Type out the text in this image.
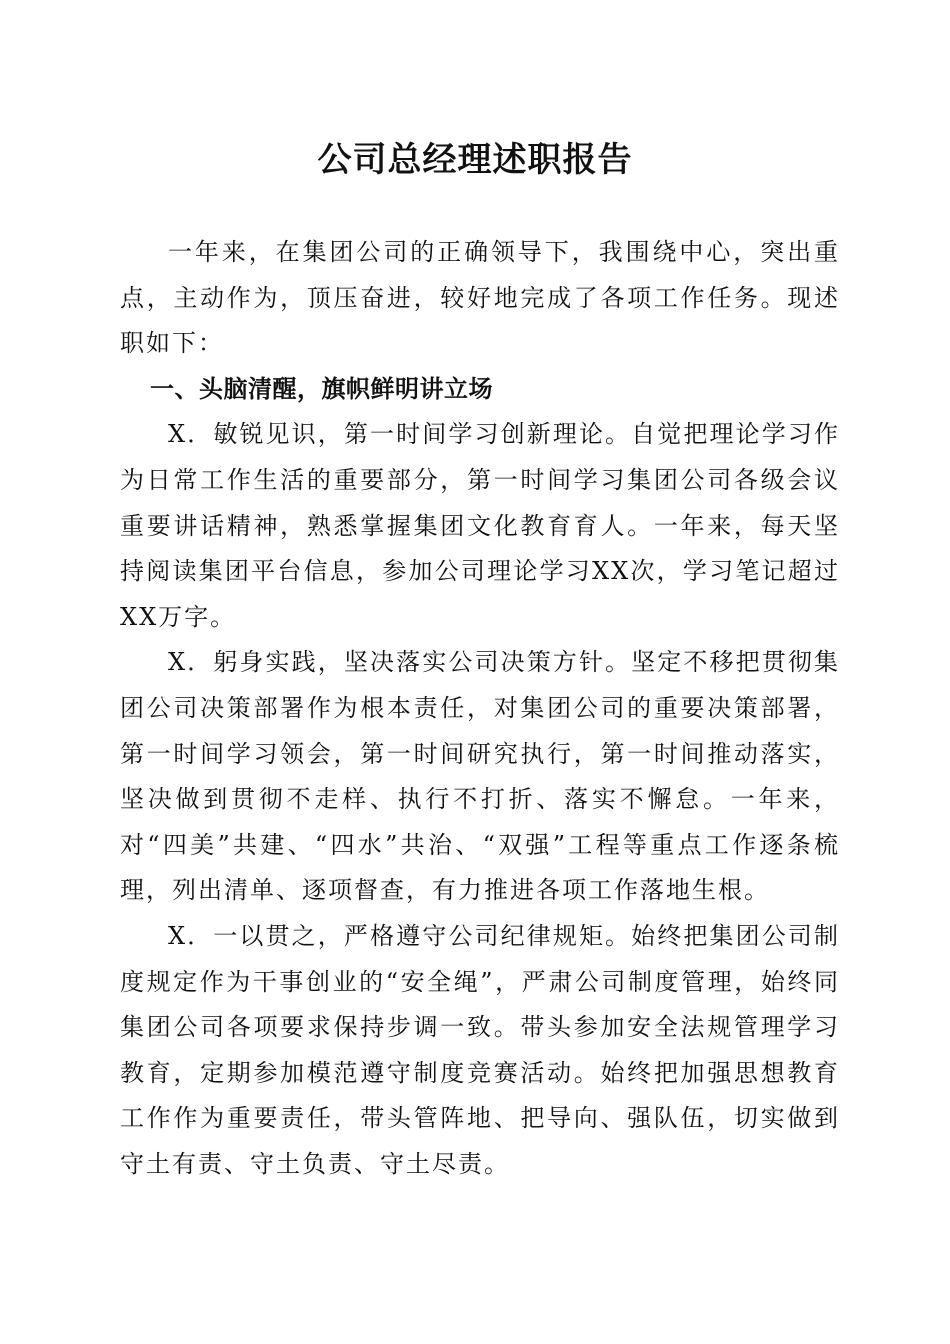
公司总经理述职报告

一年来，在集团公司的正确领导下，我围绕中心，突出重点，主动作为，顶压奋进，较好地完成了各项工作任务。现述职如下：

一、头脑清醒，旗帜鲜明讲立场

X．敏锐见识，第一时间学习创新理论。自觉把理论学习作为日常工作生活的重要部分，第一时间学习集团公司各级会议重要讲话精神，熟悉掌握集团文化教育育人。一年来，每天坚持阅读集团平台信息，参加公司理论学习XX次，学习笔记超过XX万字。

X．躬身实践，坚决落实公司决策方针。坚定不移把贯彻集团公司决策部署作为根本责任，对集团公司的重要决策部署，第一时间学习领会，第一时间研究执行，第一时间推动落实，坚决做到贯彻不走样、执行不打折、落实不懈怠。一年来，对“四美”共建、“四水”共治、“双强”工程等重点工作逐条梳理，列出清单、逐项督查，有力推进各项工作落地生根。

X．一以贯之，严格遵守公司纪律规矩。始终把集团公司制度规定作为干事创业的“安全绳”，严肃公司制度管理，始终同集团公司各项要求保持步调一致。带头参加安全法规管理学习教育，定期参加模范遵守制度竞赛活动。始终把加强思想教育工作作为重要责任，带头管阵地、把导向、强队伍，切实做到守土有责、守土负责、守土尽责。
